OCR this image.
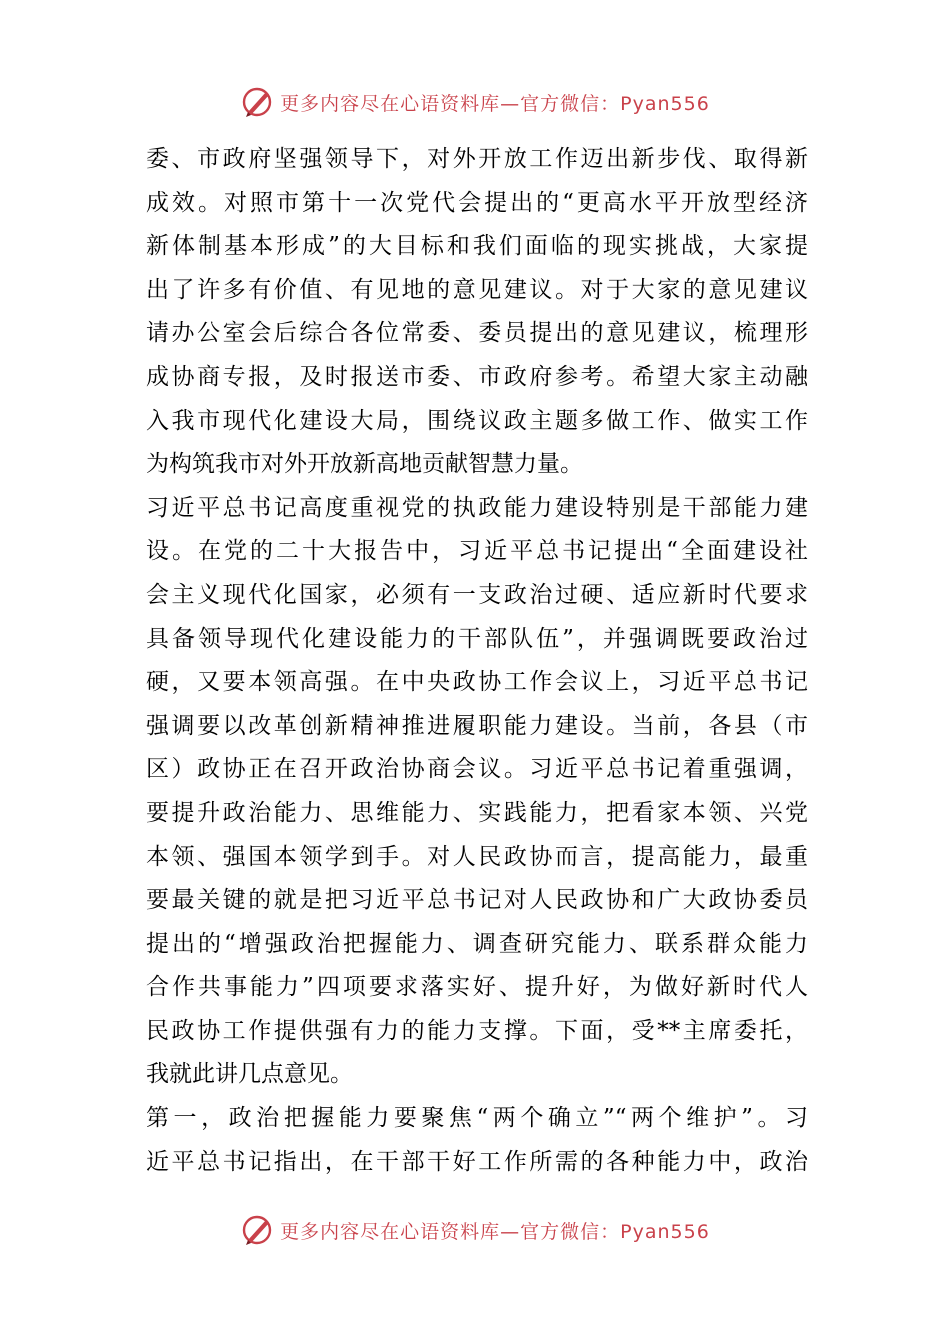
更多内容尽在心语资料库—官方微信：Pyan556
委、市政府坚强领导下，对外开放工作迈出新步伐、取得新
成效。对照市第十一次党代会提出的“更高水平开放型经济
新体制基本形成”的大目标和我们面临的现实挑战，大家提
出了许多有价值、有见地的意见建议。对于大家的意见建议
请办公室会后综合各位常委、委员提出的意见建议，梳理形
成协商专报，及时报送市委、市政府参考。希望大家主动融
入我市现代化建设大局，围绕议政主题多做工作、做实工作
为构筑我市对外开放新高地贡献智慧力量。
习近平总书记高度重视党的执政能力建设特别是干部能力建
设。在党的二十大报告中，习近平总书记提出“全面建设社
会主义现代化国家，必须有一支政治过硬、适应新时代要求
具备领导现代化建设能力的干部队伍”，并强调既要政治过
硬，又要本领高强。在中央政协工作会议上，习近平总书记
强调要以改革创新精神推进履职能力建设。当前，各县（市
区）政协正在召开政治协商会议。习近平总书记着重强调，
要提升政治能力、思维能力、实践能力，把看家本领、兴党
本领、强国本领学到手。对人民政协而言，提高能力，最重
要最关键的就是把习近平总书记对人民政协和广大政协委员
提出的“增强政治把握能力、调查研究能力、联系群众能力
合作共事能力”四项要求落实好、提升好，为做好新时代人
民政协工作提供强有力的能力支撑。下面，受**主席委托，
我就此讲几点意见。
第一，政治把握能力要聚焦“两个确立”“两个维护”。习
近平总书记指出，在干部干好工作所需的各种能力中，政治
更多内容尽在心语资料库—官方微信：Pyan556
